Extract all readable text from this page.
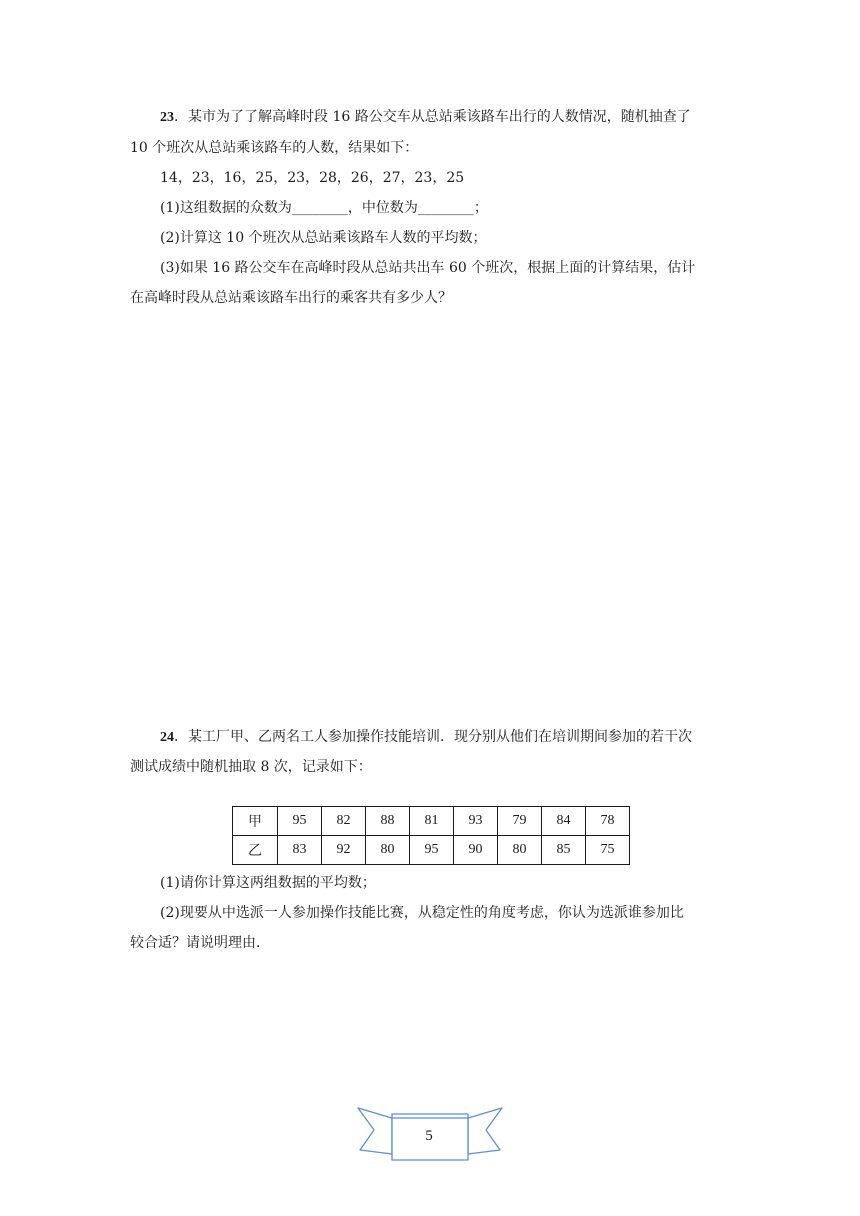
23．某市为了了解高峰时段 16 路公交车从总站乘该路车出行的人数情况，随机抽查了
10 个班次从总站乘该路车的人数，结果如下：
14，23，16，25，23，28，26，27，23，25
(1)这组数据的众数为________，中位数为________；
(2)计算这 10 个班次从总站乘该路车人数的平均数；
(3)如果 16 路公交车在高峰时段从总站共出车 60 个班次，根据上面的计算结果，估计
在高峰时段从总站乘该路车出行的乘客共有多少人？
24．某工厂甲、乙两名工人参加操作技能培训．现分别从他们在培训期间参加的若干次
测试成绩中随机抽取 8 次，记录如下：
甲	95	82	88	81	93	79	84	78
乙	83	92	80	95	90	80	85	75
(1)请你计算这两组数据的平均数；
(2)现要从中选派一人参加操作技能比赛，从稳定性的角度考虑，你认为选派谁参加比
较合适？请说明理由．
5
